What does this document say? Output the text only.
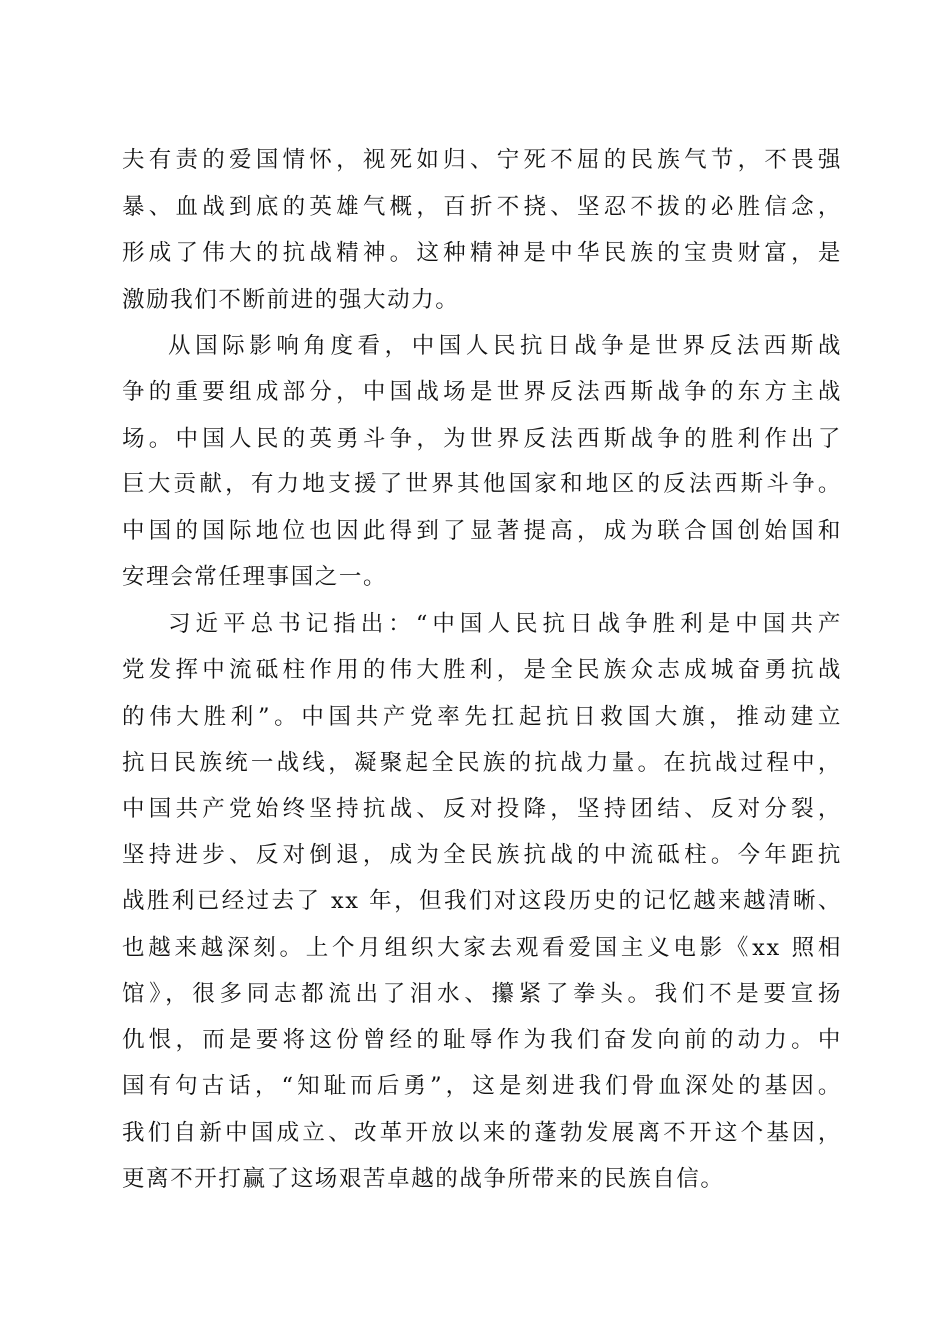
夫有责的爱国情怀，视死如归、宁死不屈的民族气节，不畏强
暴、血战到底的英雄气概，百折不挠、坚忍不拔的必胜信念，
形成了伟大的抗战精神。这种精神是中华民族的宝贵财富，是
激励我们不断前进的强大动力。
从国际影响角度看，中国人民抗日战争是世界反法西斯战
争的重要组成部分，中国战场是世界反法西斯战争的东方主战
场。中国人民的英勇斗争，为世界反法西斯战争的胜利作出了
巨大贡献，有力地支援了世界其他国家和地区的反法西斯斗争。
中国的国际地位也因此得到了显著提高，成为联合国创始国和
安理会常任理事国之一。
习近平总书记指出：“中国人民抗日战争胜利是中国共产
党发挥中流砥柱作用的伟大胜利，是全民族众志成城奋勇抗战
的伟大胜利”。中国共产党率先扛起抗日救国大旗，推动建立
抗日民族统一战线，凝聚起全民族的抗战力量。在抗战过程中，
中国共产党始终坚持抗战、反对投降，坚持团结、反对分裂，
坚持进步、反对倒退，成为全民族抗战的中流砥柱。今年距抗
战胜利已经过去了 xx 年，但我们对这段历史的记忆越来越清晰、
也越来越深刻。上个月组织大家去观看爱国主义电影《xx 照相
馆》，很多同志都流出了泪水、攥紧了拳头。我们不是要宣扬
仇恨，而是要将这份曾经的耻辱作为我们奋发向前的动力。中
国有句古话，“知耻而后勇”，这是刻进我们骨血深处的基因。
我们自新中国成立、改革开放以来的蓬勃发展离不开这个基因，
更离不开打赢了这场艰苦卓越的战争所带来的民族自信。
